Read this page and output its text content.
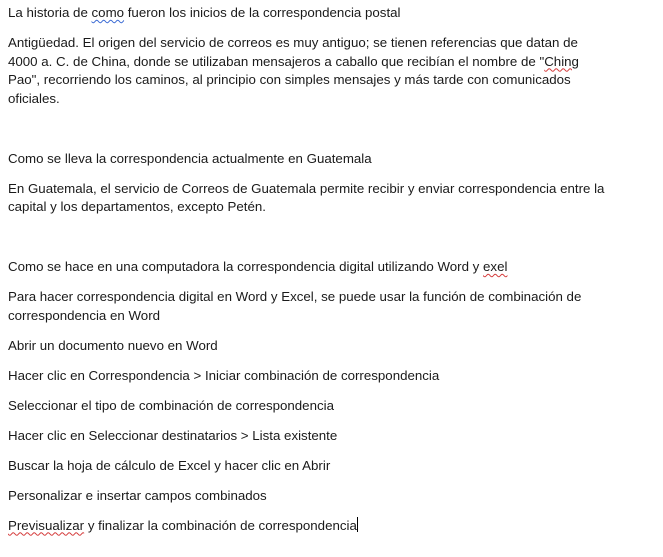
La historia de como fueron los inicios de la correspondencia postal

Antigüedad. El origen del servicio de correos es muy antiguo; se tienen referencias que datan de 4000 a. C. de China, donde se utilizaban mensajeros a caballo que recibían el nombre de "Ching Pao", recorriendo los caminos, al principio con simples mensajes y más tarde con comunicados oficiales.

Como se lleva la correspondencia actualmente en Guatemala

En Guatemala, el servicio de Correos de Guatemala permite recibir y enviar correspondencia entre la capital y los departamentos, excepto Petén.

Como se hace en una computadora la correspondencia digital utilizando Word y exel

Para hacer correspondencia digital en Word y Excel, se puede usar la función de combinación de correspondencia en Word

Abrir un documento nuevo en Word

Hacer clic en Correspondencia > Iniciar combinación de correspondencia

Seleccionar el tipo de combinación de correspondencia

Hacer clic en Seleccionar destinatarios > Lista existente

Buscar la hoja de cálculo de Excel y hacer clic en Abrir

Personalizar e insertar campos combinados

Previsualizar y finalizar la combinación de correspondencia
